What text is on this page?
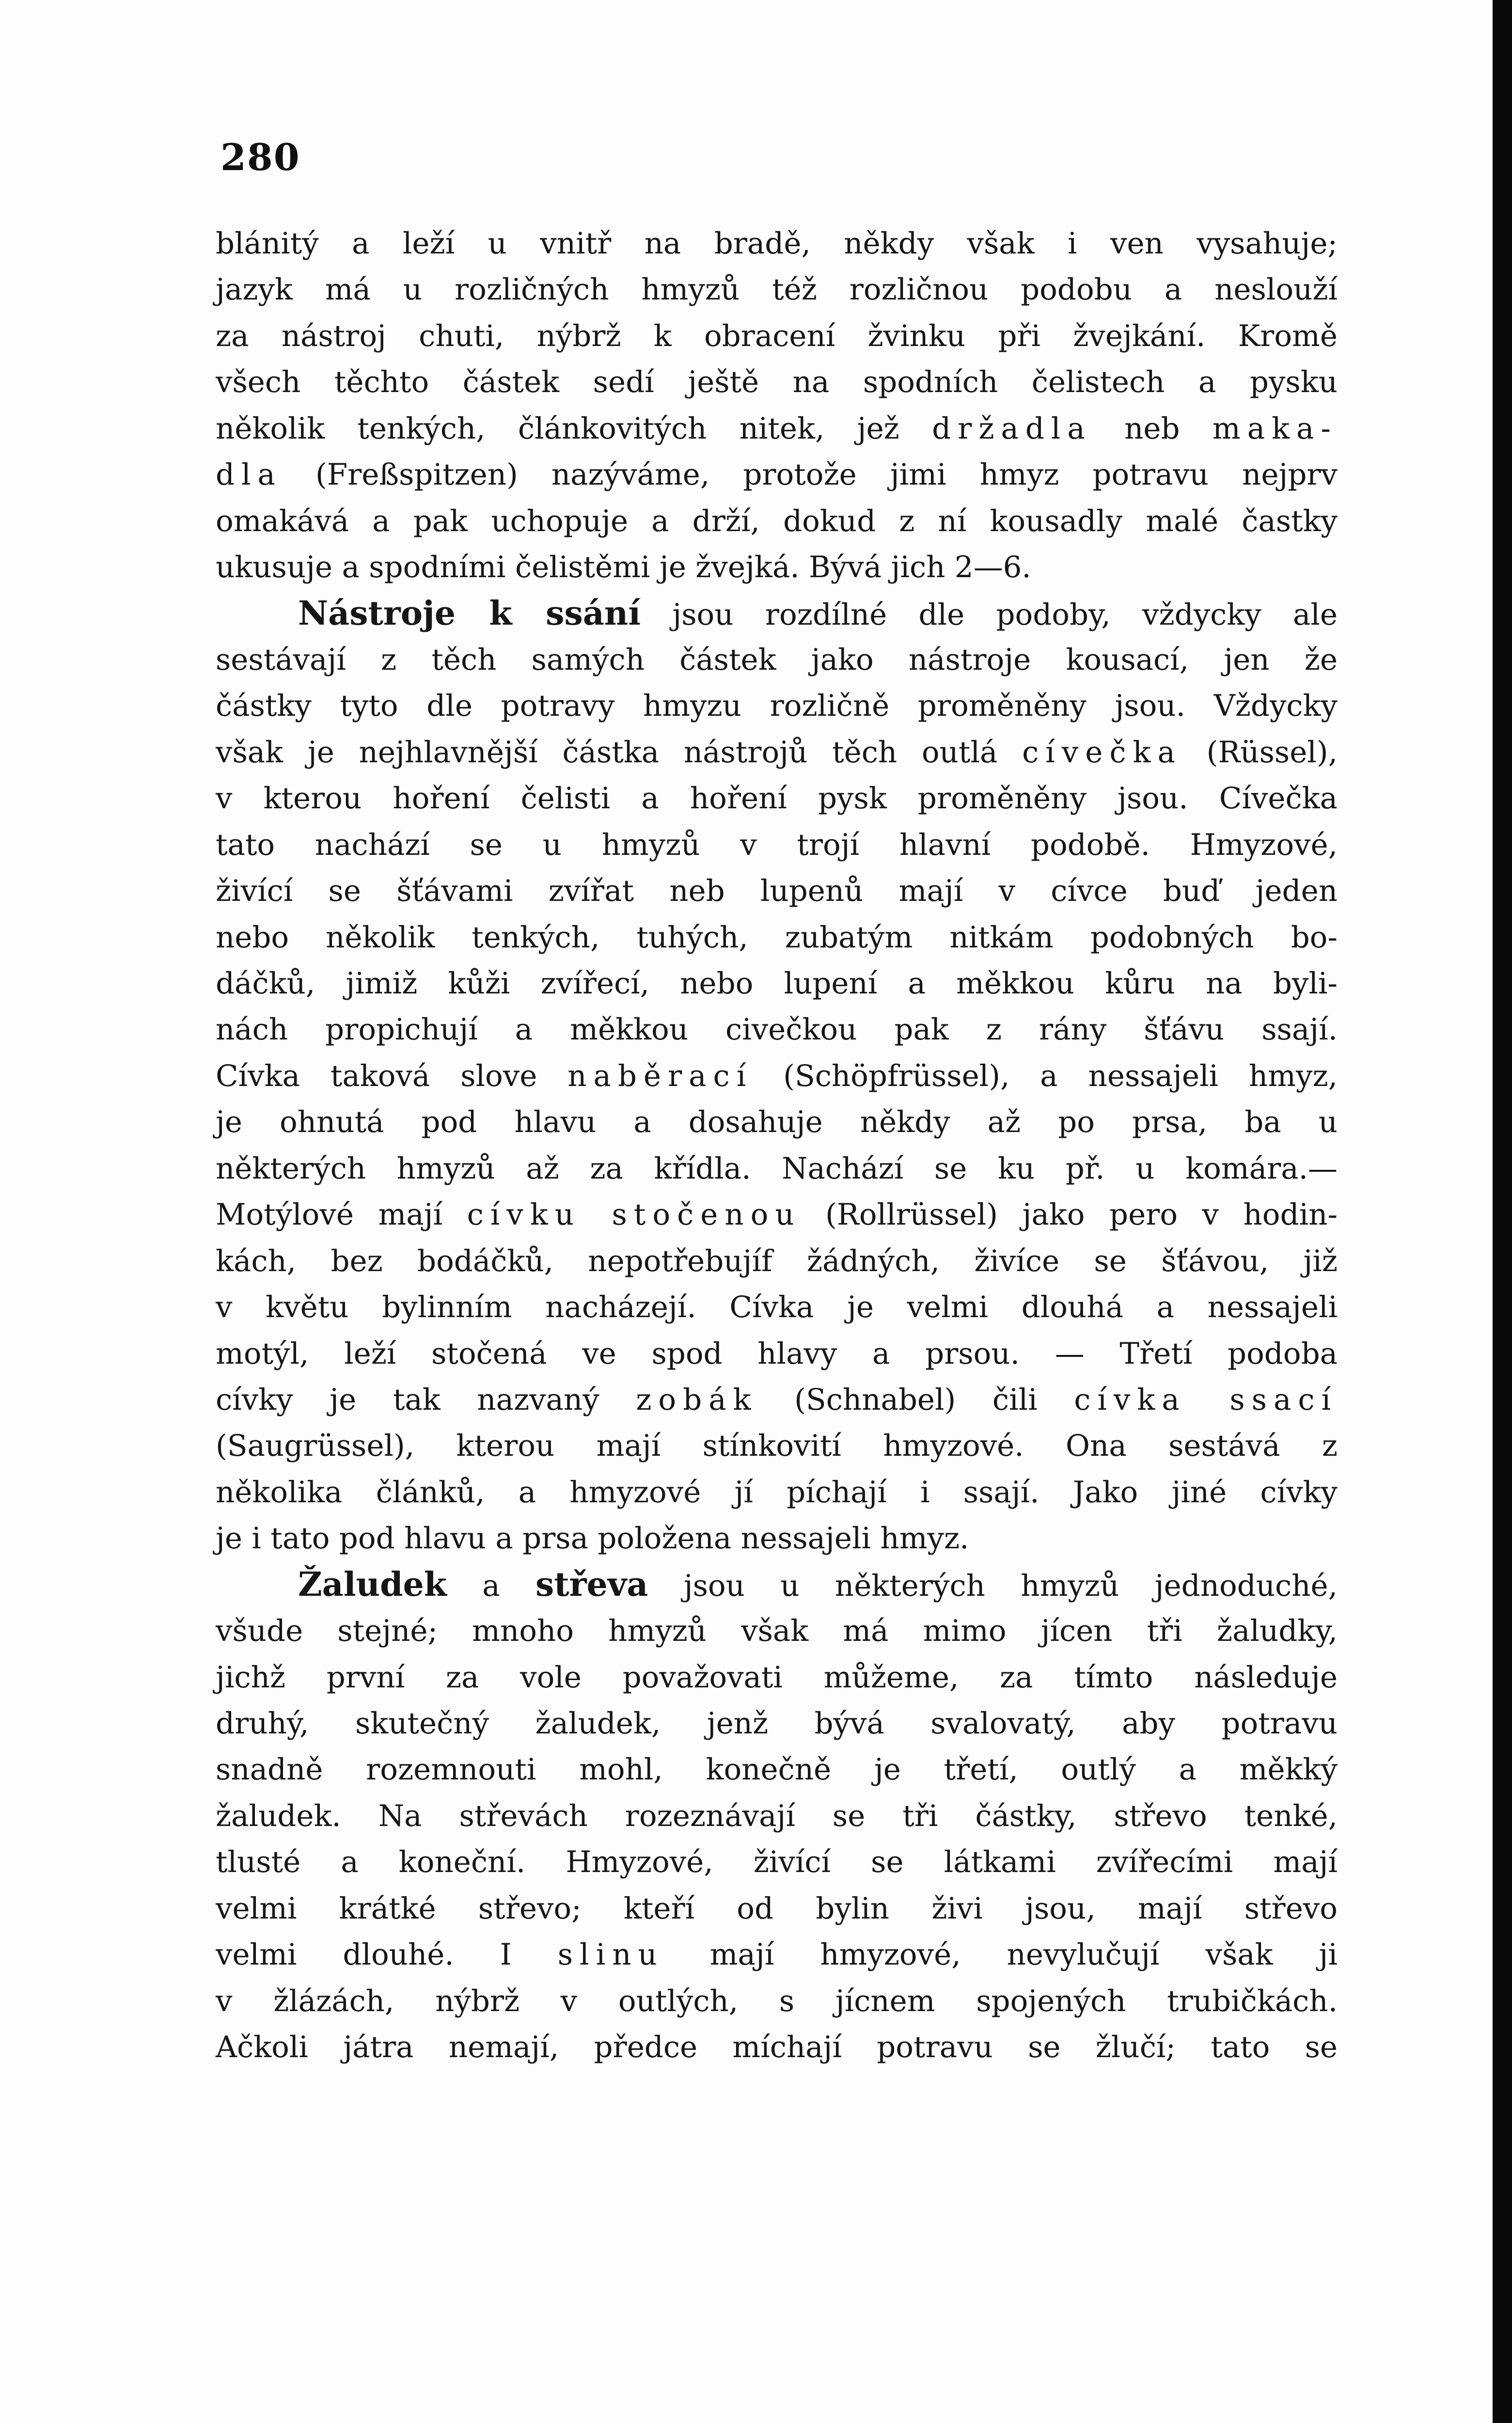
280
blánitý a leží u vnitř na bradě, někdy však i ven vysahuje;
jazyk má u rozličných hmyzů též rozličnou podobu a neslouží
za nástroj chuti, nýbrž k obracení žvinku při žvejkání. Kromě
všech těchto částek sedí ještě na spodních čelistech a pysku
několik tenkých, článkovitých nitek, jež držadla neb maka-
dla (Freßspitzen) nazýváme, protože jimi hmyz potravu nejprv
omakává a pak uchopuje a drží, dokud z ní kousadly malé častky
ukusuje a spodními čelistěmi je žvejká. Bývá jich 2—6.
Nástroje k ssání jsou rozdílné dle podoby, vždycky ale
sestávají z těch samých částek jako nástroje kousací, jen že
částky tyto dle potravy hmyzu rozličně proměněny jsou. Vždycky
však je nejhlavnější částka nástrojů těch outlá cívečka (Rüssel),
v kterou hoření čelisti a hoření pysk proměněny jsou. Cívečka
tato nachází se u hmyzů v trojí hlavní podobě. Hmyzové,
živící se šťávami zvířat neb lupenů mají v cívce buď jeden
nebo několik tenkých, tuhých, zubatým nitkám podobných bo-
dáčků, jimiž kůži zvířecí, nebo lupení a měkkou kůru na byli-
nách propichují a měkkou civečkou pak z rány šťávu ssají.
Cívka taková slove naběrací (Schöpfrüssel), a nessajeli hmyz,
je ohnutá pod hlavu a dosahuje někdy až po prsa, ba u
některých hmyzů až za křídla. Nachází se ku př. u komára.—
Motýlové mají cívku stočenou (Rollrüssel) jako pero v hodin-
kách, bez bodáčků, nepotřebujíf žádných, živíce se šťávou, již
v květu bylinním nacházejí. Cívka je velmi dlouhá a nessajeli
motýl, leží stočená ve spod hlavy a prsou. — Třetí podoba
cívky je tak nazvaný zobák (Schnabel) čili cívka ssací
(Saugrüssel), kterou mají stínkovití hmyzové. Ona sestává z
několika článků, a hmyzové jí píchají i ssají. Jako jiné cívky
je i tato pod hlavu a prsa položena nessajeli hmyz.
Žaludek a střeva jsou u některých hmyzů jednoduché,
všude stejné; mnoho hmyzů však má mimo jícen tři žaludky,
jichž první za vole považovati můžeme, za tímto následuje
druhý, skutečný žaludek, jenž bývá svalovatý, aby potravu
snadně rozemnouti mohl, konečně je třetí, outlý a měkký
žaludek. Na střevách rozeznávají se tři částky, střevo tenké,
tlusté a koneční. Hmyzové, živící se látkami zvířecími mají
velmi krátké střevo; kteří od bylin živi jsou, mají střevo
velmi dlouhé. I slinu mají hmyzové, nevylučují však ji
v žlázách, nýbrž v outlých, s jícnem spojených trubičkách.
Ačkoli játra nemají, předce míchají potravu se žlučí; tato se
